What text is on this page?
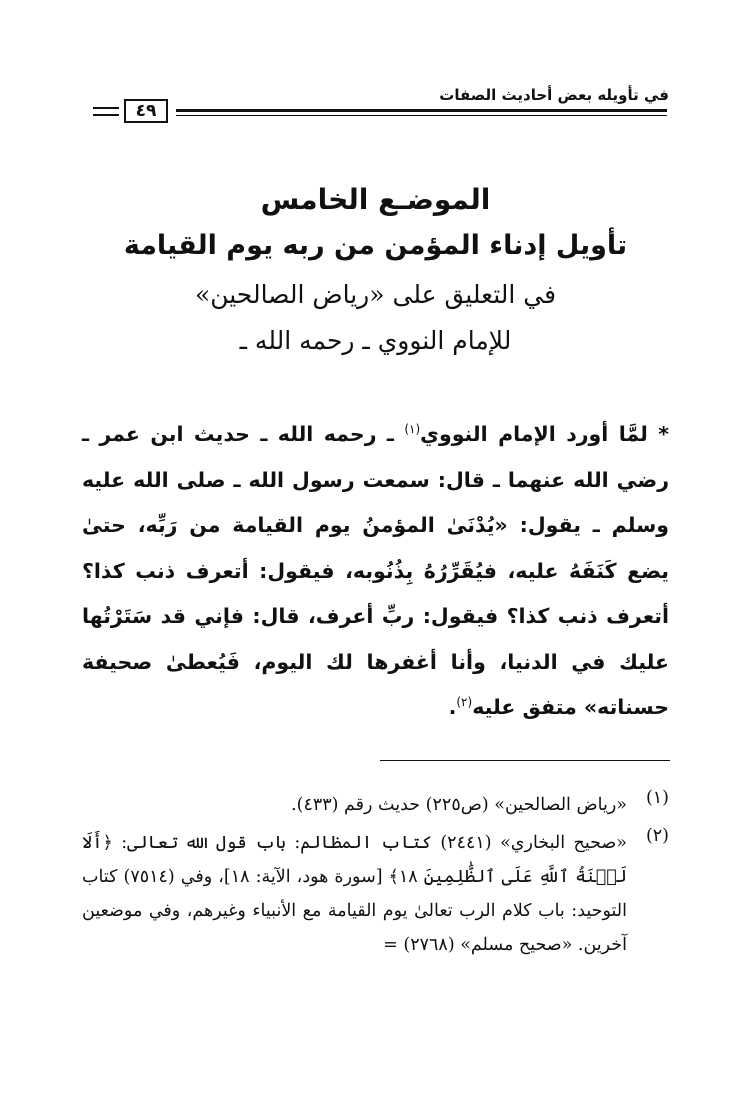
في تأويله بعض أحاديث الصفات
٤٩
الموضـع الخامس
تأويل إدناء المؤمن من ربه يوم القيامة
في التعليق على «رياض الصالحين»
للإمام النووي ـ رحمه الله ـ
* لمَّا أورد الإمام النووي$^{(١)}$ ـ رحمه الله ـ حديث ابن عمر ـ رضي الله عنهما ـ قال: سمعت رسول الله ـ صلى الله عليه وسلم ـ يقول: «يُدْنَىٰ المؤمنُ يوم القيامة من رَبِّه، حتىٰ يضع كَنَفَهُ عليه، فيُقَرِّرُهُ بِذُنُوبه، فيقول: أتعرف ذنب كذا؟ أتعرف ذنب كذا؟ فيقول: ربِّ أعرف، قال: فإني قد سَتَرْتُها عليك في الدنيا، وأنا أغفرها لك اليوم، فَيُعطىٰ صحيفة حسناته» متفق عليه$^{(٢)}$.
(١)
«رياض الصالحين» (ص٢٢٥) حديث رقم (٤٣٣).
(٢)
«صحيح البخاري» (٢٤٤١) كتاب المظالم: باب قول الله تعالى: ﴿أَلَا لَعۡنَةُ ٱللَّهِ عَلَى ٱلظَّٰلِمِينَ ١٨﴾ [سورة هود، الآية: ١٨]، وفي (٧٥١٤) كتاب التوحيد: باب كلام الرب تعالىٰ يوم القيامة مع الأنبياء وغيرهم، وفي موضعين آخرين. «صحيح مسلم» (٢٧٦٨) =
